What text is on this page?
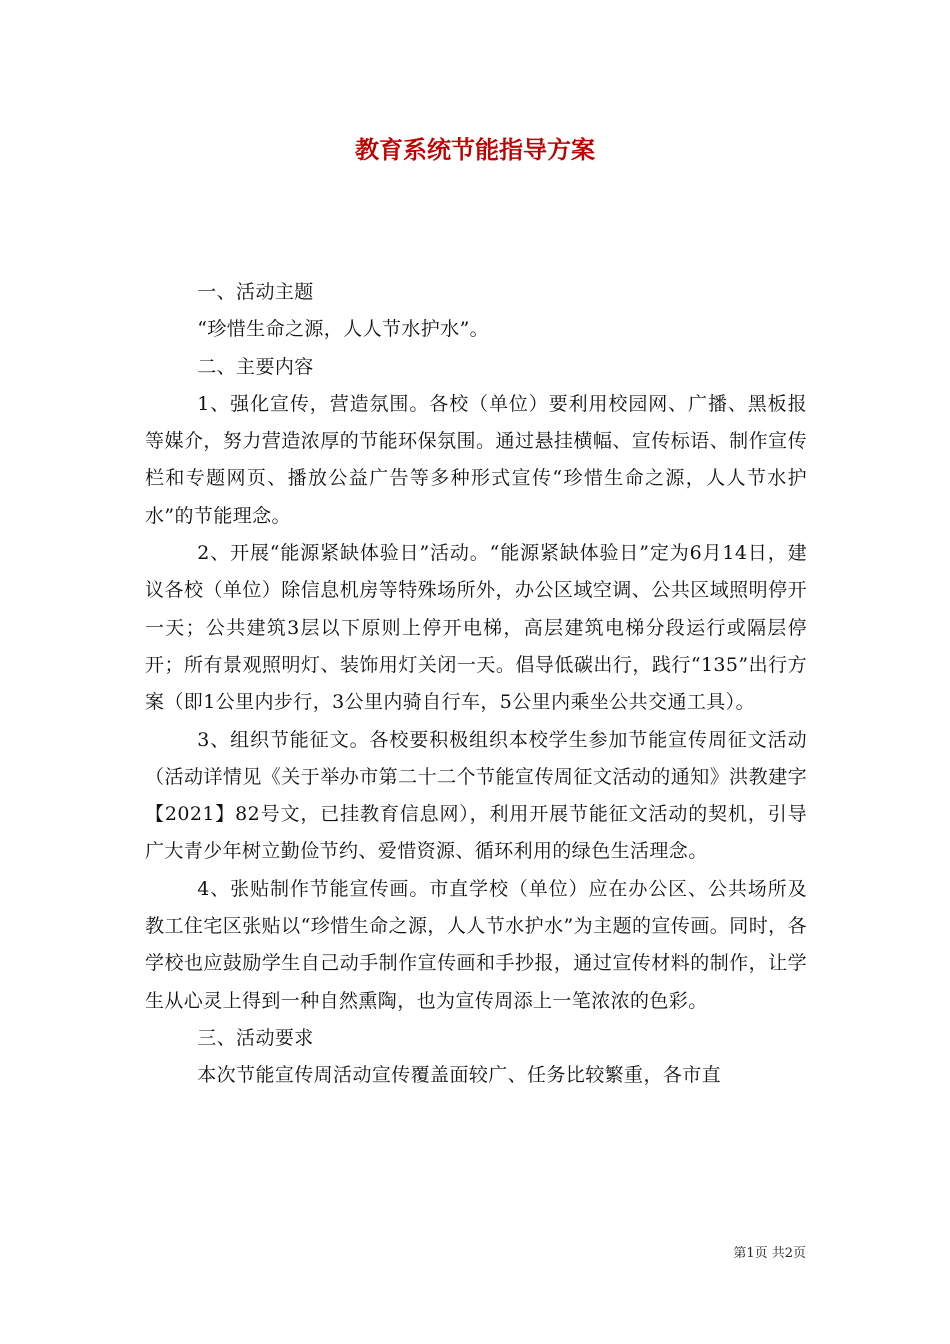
教育系统节能指导方案

一、活动主题

“珍惜生命之源，人人节水护水”。

二、主要内容

1、强化宣传，营造氛围。各校（单位）要利用校园网、广播、黑板报等媒介，努力营造浓厚的节能环保氛围。通过悬挂横幅、宣传标语、制作宣传栏和专题网页、播放公益广告等多种形式宣传“珍惜生命之源，人人节水护水”的节能理念。

2、开展“能源紧缺体验日”活动。“能源紧缺体验日”定为6月14日，建议各校（单位）除信息机房等特殊场所外，办公区域空调、公共区域照明停开一天；公共建筑3层以下原则上停开电梯，高层建筑电梯分段运行或隔层停开；所有景观照明灯、装饰用灯关闭一天。倡导低碳出行，践行“135”出行方案（即1公里内步行，3公里内骑自行车，5公里内乘坐公共交通工具）。

3、组织节能征文。各校要积极组织本校学生参加节能宣传周征文活动（活动详情见《关于举办市第二十二个节能宣传周征文活动的通知》洪教建字【2021】82号文，已挂教育信息网），利用开展节能征文活动的契机，引导广大青少年树立勤俭节约、爱惜资源、循环利用的绿色生活理念。

4、张贴制作节能宣传画。市直学校（单位）应在办公区、公共场所及教工住宅区张贴以“珍惜生命之源，人人节水护水”为主题的宣传画。同时，各学校也应鼓励学生自己动手制作宣传画和手抄报，通过宣传材料的制作，让学生从心灵上得到一种自然熏陶，也为宣传周添上一笔浓浓的色彩。

三、活动要求

本次节能宣传周活动宣传覆盖面较广、任务比较繁重，各市直

第1页 共2页
